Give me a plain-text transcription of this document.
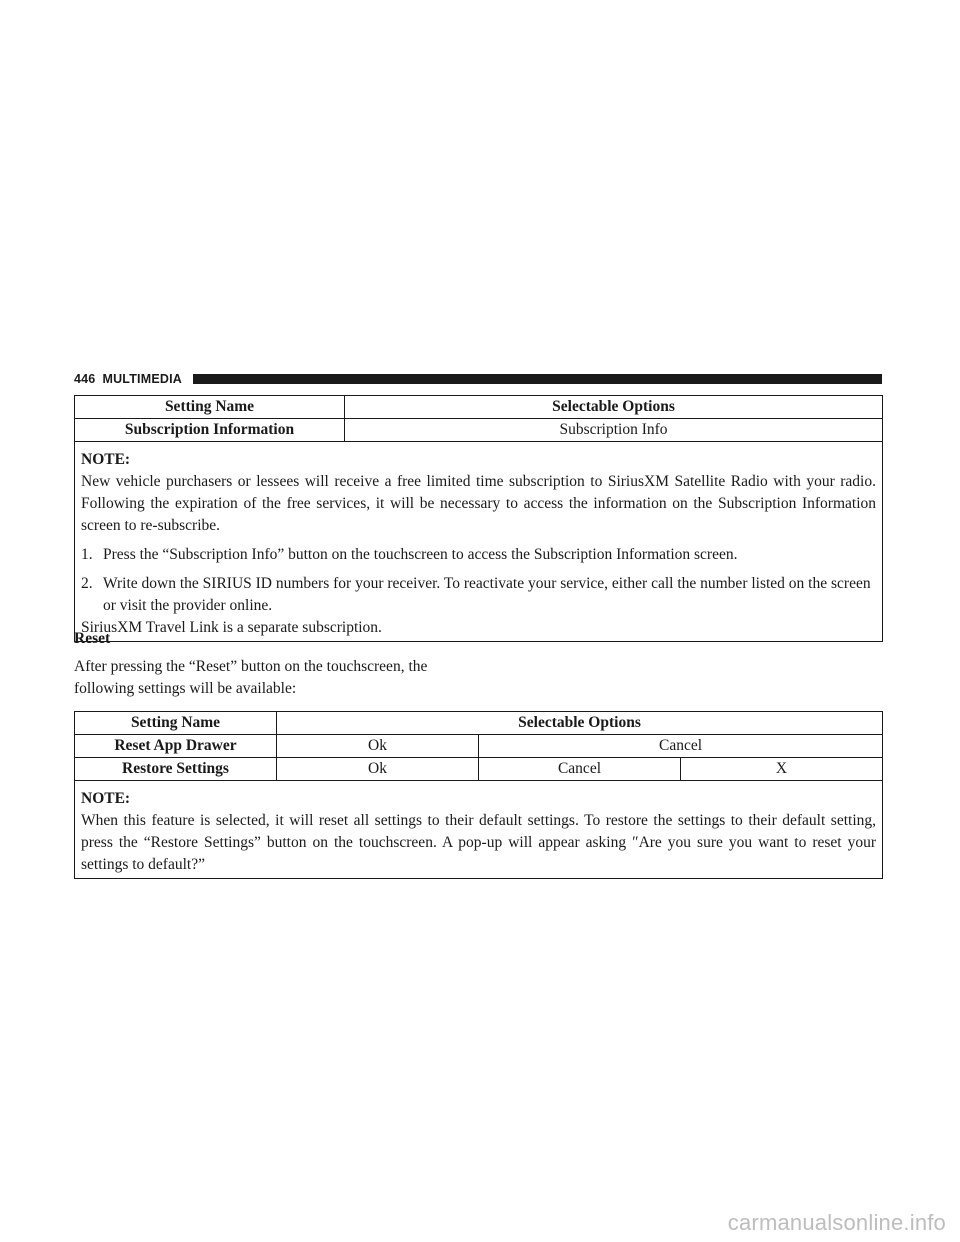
446 MULTIMEDIA
Setting Name	Selectable Options
Subscription Information	Subscription Info

NOTE:
New vehicle purchasers or lessees will receive a free limited time subscription to SiriusXM Satellite Radio with your radio. Following the expiration of the free services, it will be necessary to access the information on the Subscription Information screen to re-subscribe.
1. Press the “Subscription Info” button on the touchscreen to access the Subscription Information screen.
2. Write down the SIRIUS ID numbers for your receiver. To reactivate your service, either call the number listed on the screen or visit the provider online.
SiriusXM Travel Link is a separate subscription.	
Reset
After pressing the “Reset” button on the touchscreen, the following settings will be available:
Setting Name	Selectable Options		
Reset App Drawer	Ok	Cancel	
Restore Settings	Ok	Cancel	X

NOTE:
When this feature is selected, it will reset all settings to their default settings. To restore the settings to their default setting, press the “Restore Settings” button on the touchscreen. A pop-up will appear asking ″Are you sure you want to reset your settings to default?”			
carmanualsonline.info
